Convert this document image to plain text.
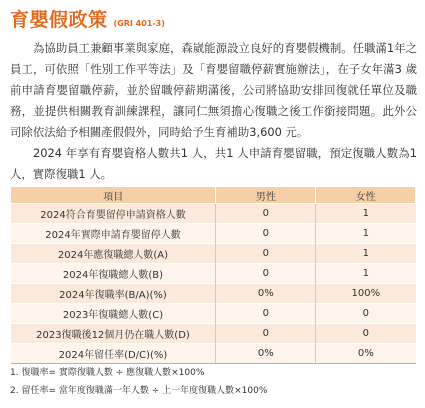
育嬰假政策 (GRI 401-3)
為協助員工兼顧事業與家庭，森崴能源設立良好的育嬰假機制。任職滿1年之員工，可依照「性別工作平等法」及「育嬰留職停薪實施辦法」，在子女年滿3 歲前申請育嬰留職停薪，並於留職停薪期滿後，公司將協助安排回復就任單位及職務，並提供相關教育訓練課程，讓同仁無須擔心復職之後工作銜接問題。此外公司除依法給予相關產假假外，同時給予生育補助3,600 元。
2024 年享有育嬰資格人數共1 人，共1 人申請育嬰留職，預定復職人數為1人，實際復職1 人。
項目	男性	女性
2024符合育嬰留停申請資格人數	0	1
2024年實際申請育嬰留停人數	0	1
2024年應復職總人數(A)	0	1
2024年復職總人數(B)	0	1
2024年復職率(B/A)(%)	0%	100%
2023年復職總人數(C)	0	0
2023復職後12個月仍在職人數(D)	0	0
2024年留任率(D/C)(%)	0%	0%
1. 復職率= 實際復職人數 ÷ 應復職人數×100%
2. 留任率= 當年度復職滿一年人數 ÷ 上一年度復職人數×100%
